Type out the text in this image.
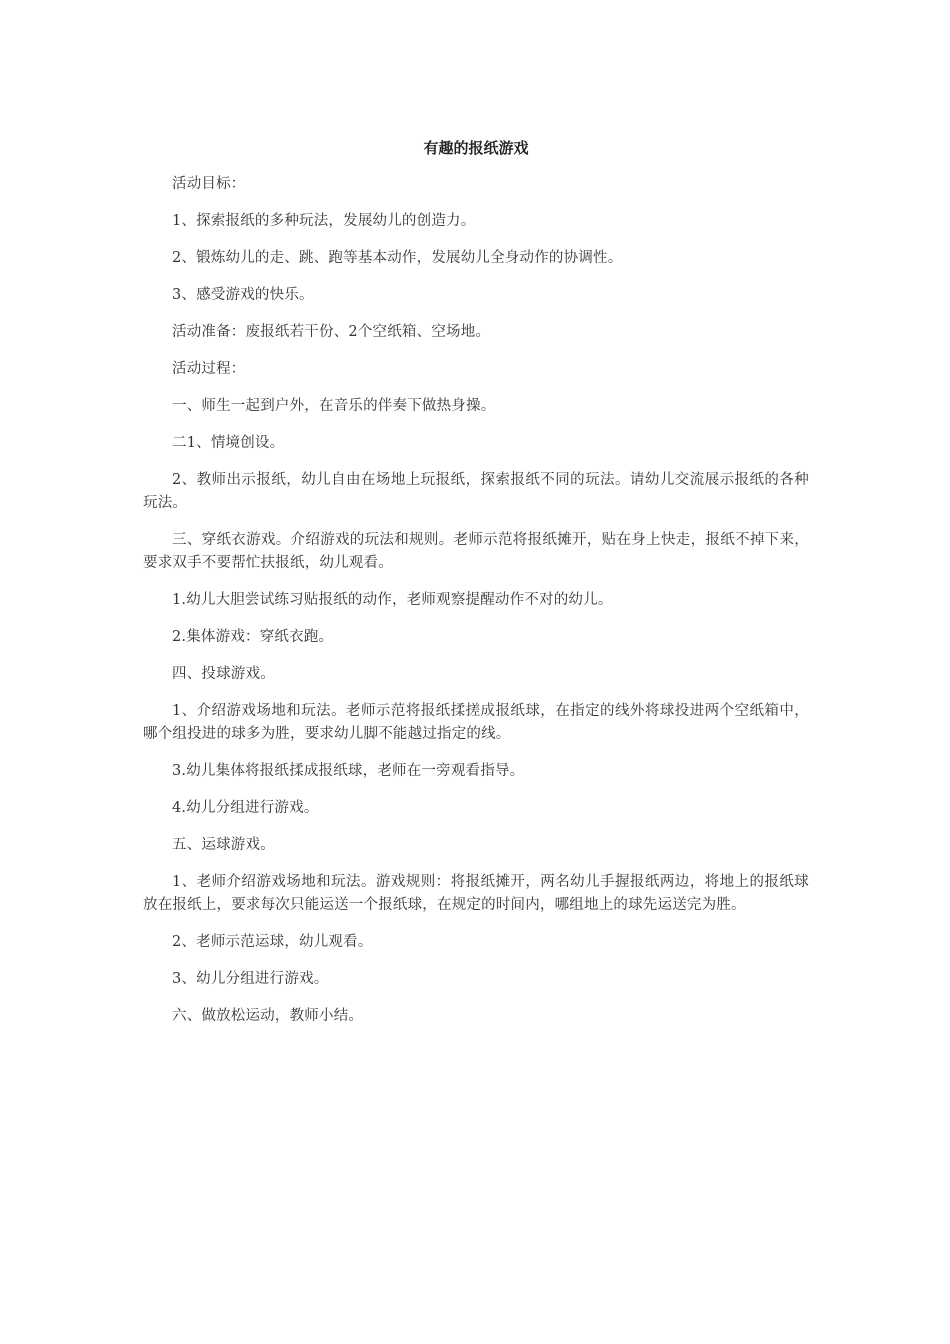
有趣的报纸游戏

活动目标：

1、探索报纸的多种玩法，发展幼儿的创造力。

2、锻炼幼儿的走、跳、跑等基本动作，发展幼儿全身动作的协调性。

3、感受游戏的快乐。

活动准备：废报纸若干份、2个空纸箱、空场地。

活动过程：

一、师生一起到户外，在音乐的伴奏下做热身操。

二1、情境创设。

2、教师出示报纸，幼儿自由在场地上玩报纸，探索报纸不同的玩法。请幼儿交流展示报纸的各种玩法。

三、穿纸衣游戏。介绍游戏的玩法和规则。老师示范将报纸摊开，贴在身上快走，报纸不掉下来，要求双手不要帮忙扶报纸，幼儿观看。

1.幼儿大胆尝试练习贴报纸的动作，老师观察提醒动作不对的幼儿。

2.集体游戏：穿纸衣跑。

四、投球游戏。

1、介绍游戏场地和玩法。老师示范将报纸揉搓成报纸球，在指定的线外将球投进两个空纸箱中，哪个组投进的球多为胜，要求幼儿脚不能越过指定的线。

3.幼儿集体将报纸揉成报纸球，老师在一旁观看指导。

4.幼儿分组进行游戏。

五、运球游戏。

1、老师介绍游戏场地和玩法。游戏规则：将报纸摊开，两名幼儿手握报纸两边，将地上的报纸球放在报纸上，要求每次只能运送一个报纸球，在规定的时间内，哪组地上的球先运送完为胜。

2、老师示范运球，幼儿观看。

3、幼儿分组进行游戏。

六、做放松运动，教师小结。
